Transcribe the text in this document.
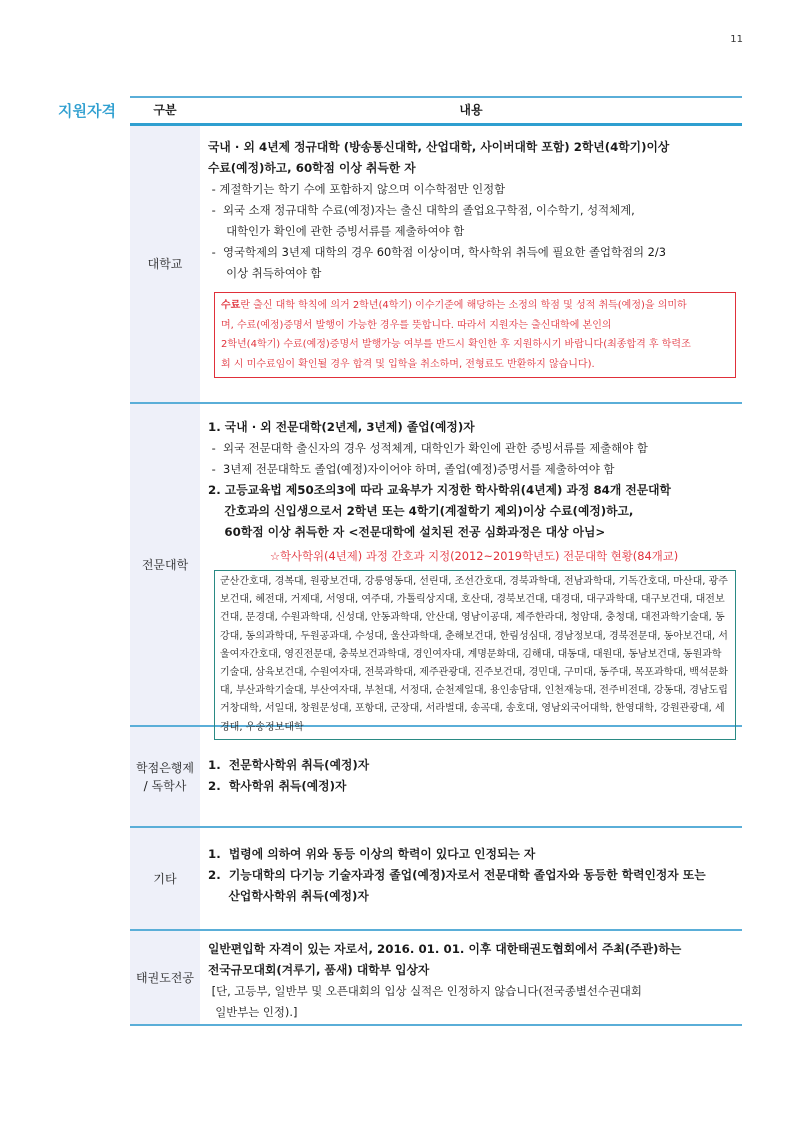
11
지원자격	구분	내용
대학교
국내 · 외 4년제 정규대학 (방송통신대학, 산업대학, 사이버대학 포함) 2학년(4학기)이상
수료(예정)하고, 60학점 이상 취득한 자
- 계절학기는 학기 수에 포함하지 않으며 이수학점만 인정함
-  외국 소재 정규대학 수료(예정)자는 출신 대학의 졸업요구학점, 이수학기, 성적체계,
대학인가 확인에 관한 증빙서류를 제출하여야 함
-  영국학제의 3년제 대학의 경우 60학점 이상이며, 학사학위 취득에 필요한 졸업학점의 2/3
이상 취득하여야 함
수료란 출신 대학 학칙에 의거 2학년(4학기) 이수기준에 해당하는 소정의 학점 및 성적 취득(예정)을 의미하
며, 수료(예정)증명서 발행이 가능한 경우를 뜻합니다. 따라서 지원자는 출신대학에 본인의
2학년(4학기) 수료(예정)증명서 발행가능 여부를 반드시 확인한 후 지원하시기 바랍니다(최종합격 후 학력조
회 시 미수료임이 확인될 경우 합격 및 입학을 취소하며, 전형료도 반환하지 않습니다).
전문대학
1. 국내 · 외 전문대학(2년제, 3년제) 졸업(예정)자
-  외국 전문대학 출신자의 경우 성적체계, 대학인가 확인에 관한 증빙서류를 제출해야 함
-  3년제 전문대학도 졸업(예정)자이어야 하며, 졸업(예정)증명서를 제출하여야 함
2. 고등교육법 제50조의3에 따라 교육부가 지정한 학사학위(4년제) 과정 84개 전문대학
간호과의 신입생으로서 2학년 또는 4학기(계절학기 제외)이상 수료(예정)하고,
60학점 이상 취득한 자 <전문대학에 설치된 전공 심화과정은 대상 아님>
☆학사학위(4년제) 과정 간호과 지정(2012~2019학년도) 전문대학 현황(84개교)
군산간호대, 경복대, 원광보건대, 강릉영동대, 선린대, 조선간호대, 경북과학대, 전남과학대, 기독간호대, 마산대, 광주보건대, 혜전대, 거제대, 서영대, 여주대, 가톨릭상지대, 호산대, 경북보건대, 대경대, 대구과학대, 대구보건대, 대전보건대, 문경대, 수원과학대, 신성대, 안동과학대, 안산대, 영남이공대, 제주한라대, 청암대, 충청대, 대전과학기술대, 동강대, 동의과학대, 두원공과대, 수성대, 울산과학대, 춘해보건대, 한림성심대, 경남정보대, 경북전문대, 동아보건대, 서울여자간호대, 영진전문대, 충북보건과학대, 경인여자대, 계명문화대, 김해대, 대동대, 대원대, 동남보건대, 동원과학기술대, 삼육보건대, 수원여자대, 전북과학대, 제주관광대, 진주보건대, 경민대, 구미대, 동주대, 목포과학대, 백석문화대, 부산과학기술대, 부산여자대, 부천대, 서정대, 순천제일대, 용인송담대, 인천재능대, 전주비전대, 강동대, 경남도립거창대학, 서일대, 창원문성대, 포항대, 군장대, 서라벌대, 송곡대, 송호대, 영남외국어대학, 한영대학, 강원관광대, 세경대, 우송정보대학
학점은행제
/ 독학사
1.  전문학사학위 취득(예정)자
2.  학사학위 취득(예정)자
기타
1.  법령에 의하여 위와 동등 이상의 학력이 있다고 인정되는 자
2.  기능대학의 다기능 기술자과정 졸업(예정)자로서 전문대학 졸업자와 동등한 학력인정자 또는
산업학사학위 취득(예정)자
태권도전공
일반편입학 자격이 있는 자로서, 2016. 01. 01. 이후 대한태권도협회에서 주최(주관)하는
전국규모대회(겨루기, 품새) 대학부 입상자
[단, 고등부, 일반부 및 오픈대회의 입상 실적은 인정하지 않습니다(전국종별선수권대회
일반부는 인정).]
